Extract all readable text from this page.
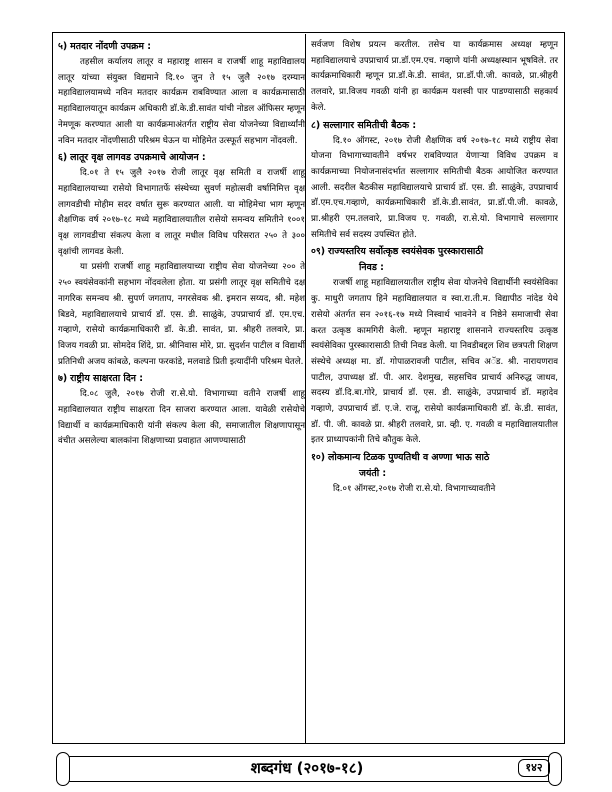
५) मतदार नोंदणी उपक्रम :

तहसील कर्यालय लातूर व महाराष्ट्र शासन व राजर्षी शाहू महाविद्यालय लातूर यांच्या संयुक्त विद्यमाने दि.१० जुन ते १५ जुलै २०१७ दरम्यान महाविद्यालयामध्ये नविन मतदार कार्यक्रम राबविण्यात आला व कार्यक्रमासाठी महाविद्यालयातून कार्यक्रम अधिकारी डॉ.के.डी.सावंत यांची नोडल ऑफिसर म्हणून नेमणूक करण्यात आली या कार्यक्रमाअंतर्गत राष्ट्रीय सेवा योजनेच्या विद्यार्थ्यांनी नविन मतदार नोंदणीसाठी परिश्रम घेऊन या मोहिमेत उत्स्फूर्त सहभाग नोंदवली.

६) लातूर वृक्ष लागवड उपक्रमाचे आयोजन :

दि.०१ ते १५ जुलै २०१७ रोजी लातूर वृक्ष समिती व राजर्षी शाहू महाविद्यालयाच्या रासेयो विभागातर्फे संस्थेच्या सुवर्ण महोत्सवी वर्षानिमित्त वृक्ष लागवडीची मोहीम सदर वर्षात सुरू करण्यात आली. या मोहिमेचा भाग म्हणून शैक्षणिक वर्ष २०१७-१८ मध्ये महाविद्यालयातील रासेयो समन्वय समितीने १००१ वृक्ष लागवडीचा संकल्प केला व लातूर मधील विविध परिसरात २५० ते ३०० वृक्षांची लागवड केली.

या प्रसंगी राजर्षी शाहू महाविद्यालयाच्या राष्ट्रीय सेवा योजनेच्या २०० ते २५० स्वयंसेवकांनी सहभाग नोंदवलेला होता. या प्रसंगी लातूर वृक्ष समितीचे दक्ष नागरिक समन्वय श्री. सुपर्ण जगताप, नगरसेवक श्री. इमरान सय्यद, श्री. महेश बिडवे, महाविद्यालयाचे प्राचार्य डॉ. एस. डी. साळुंके, उपप्राचार्य डॉ. एम.एच. गव्हाणे, रासेयो कार्यक्रमाधिकारी डॉ. के.डी. सावंत, प्रा. श्रीहरी तलवारे, प्रा. विजय गवळी प्रा. सोमदेव शिंदे, प्रा. श्रीनिवास मोरे, प्रा. सुदर्शन पाटील व विद्यार्थी प्रतिनिधी अजय कांबळे, कल्पना फरकांडे, मलवाडे प्रिती इत्यादींनी परिश्रम घेतले.

७) राष्ट्रीय साक्षरता दिन :

दि.०८ जुलै, २०१७ रोजी रा.से.यो. विभागाच्या वतीने राजर्षी शाहू महाविद्यालयात राष्ट्रीय साक्षरता दिन साजरा करण्यात आला. यावेळी रासेयोचे विद्यार्थी व कार्यक्रमाधिकारी यांनी संकल्प केला की, समाजातील शिक्षणापासून वंचीत असलेल्या बालकांना शिक्षणाच्या प्रवाहात आणण्यासाठी

सर्वजण विशेष प्रयत्न करतील. तसेच या कार्यक्रमास अध्यक्ष म्हणून महाविद्यालयाचे उपप्राचार्य प्रा.डॉ.एम.एच. गव्हाणे यांनी अध्यक्षस्थान भूषविले. तर कार्यक्रमाधिकारी म्हणून प्रा.डॉ.के.डी. सावंत, प्रा.डॉ.पी.जी. कावळे, प्रा.श्रीहरी तलवारे, प्रा.विजय गवळी यांनी हा कार्यक्रम यशस्वी पार पाडण्यासाठी सहकार्य केले.

८) सल्लागार समितीची बैठक :

दि.१० ऑगस्ट, २०१७ रोजी शैक्षणिक वर्ष २०१७-१८ मध्ये राष्ट्रीय सेवा योजना विभागाच्यावतीने वर्षभर राबविण्यात येणाऱ्या विविध उपक्रम व कार्यक्रमाच्या नियोजनासंदर्भात सल्लागार समितीची बैठक आयोजित करण्यात आली. सदरील बैठकीस महाविद्यालयाचे प्राचार्य डॉ. एस. डी. साळुंके, उपप्राचार्य डॉ.एम.एच.गव्हाणे, कार्यक्रमाधिकारी डॉ.के.डी.सावंत, प्रा.डॉ.पी.जी. कावळे, प्रा.श्रीहरी एम.तलवारे, प्रा.विजय ए. गवळी, रा.से.यो. विभागाचे सल्लागार समितीचे सर्व सदस्य उपस्थित होते.

०९) राज्यस्तरिय सर्वोत्कृष्ठ स्वयंसेवक पुरस्कारासाठी
निवड :

राजर्षी शाहू महाविद्यालयातील राष्ट्रीय सेवा योजनेचे विद्यार्थीनी स्वयंसेविका कु. माधुरी जगताप हिने महाविद्यालयात व स्वा.रा.ती.म. विद्यापीठ नांदेड येथे रासेयो अंतर्गत सन २०१६-१७ मध्ये निस्वार्थ भावनेने व निष्ठेने समाजाची सेवा करत उत्कृष्ठ कामगिरी केली. म्हणून महाराष्ट्र शासनाने राज्यस्तरिय उत्कृष्ठ स्वयंसेविका पुरस्कारासाठी तिची निवड केली. या निवडीबद्दल शिव छत्रपती शिक्षण संस्थेचे अध्यक्ष मा. डॉ. गोपाळरावजी पाटील, सचिव अॅड. श्री. नारायणराव पाटील, उपाध्यक्ष डॉ. पी. आर. देशमुख, सहसचिव प्राचार्य अनिरुद्ध जाधव, सदस्य डॉ.दि.बा.गोरे, प्राचार्य डॉ. एस. डी. साळुंके, उपप्राचार्य डॉ. महादेव गव्हाणे, उपप्राचार्य डॉ. ए.जे. राजू, रासेयो कार्यक्रमाधिकारी डॉ. के.डी. सावंत, डॉ. पी. जी. कावळे प्रा. श्रीहरी तलवारे, प्रा. व्ही. ए. गवळी व महाविद्यालयातील इतर प्राध्यापकांनी तिचे कौतुक केले.

१०) लोकमान्य टिळक पुण्यतिथी व अण्णा भाऊ साठे
जयंती :

दि.०१ ऑगस्ट,२०१७ रोजी रा.से.यो. विभागाच्यावतीने

शब्दगंध (२०१७-१८)	१४२
